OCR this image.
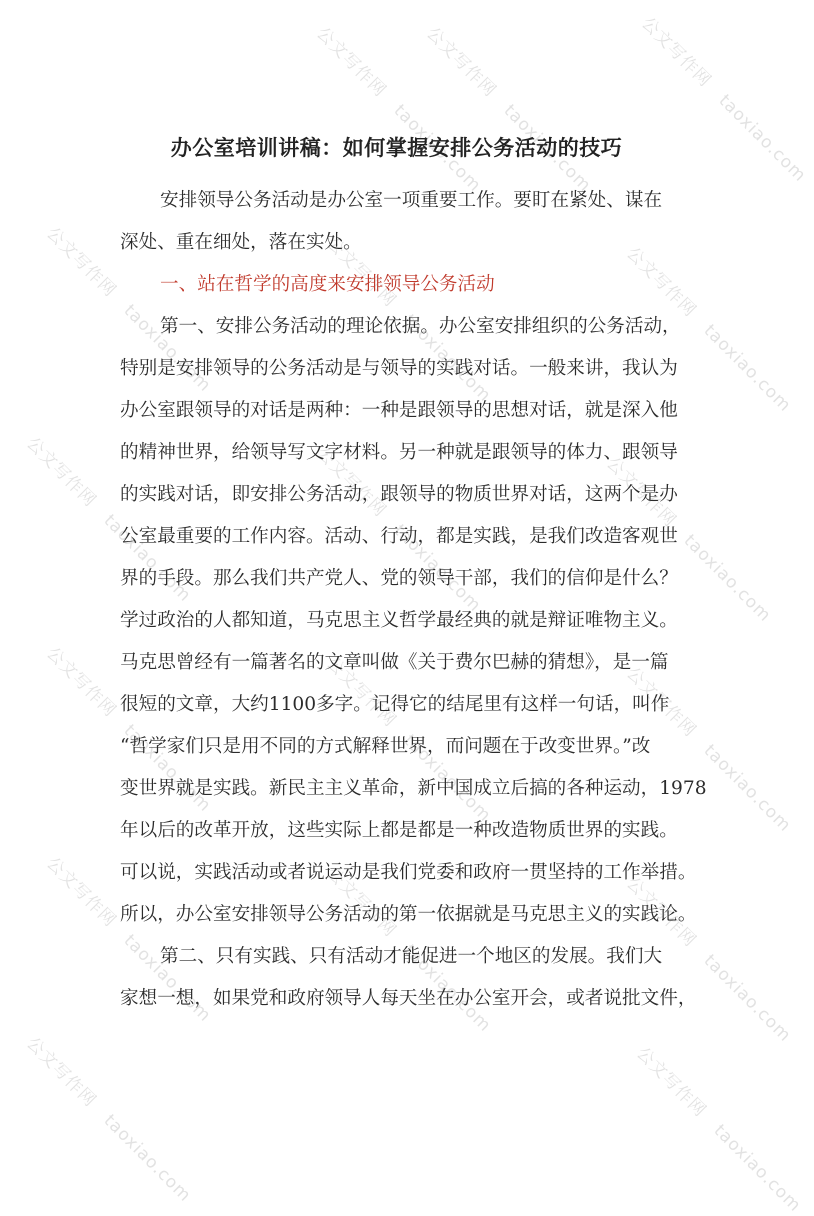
公文写作网   taoxiao.com
公文写作网   taoxiao.com
公文写作网   taoxiao.com
公文写作网   taoxiao.com
公文写作网   taoxiao.com
公文写作网   taoxiao.com
公文写作网   taoxiao.com
公文写作网   taoxiao.com
公文写作网   taoxiao.com
公文写作网   taoxiao.com
公文写作网   taoxiao.com
公文写作网   taoxiao.com
公文写作网   taoxiao.com
公文写作网   taoxiao.com
公文写作网   taoxiao.com
公文写作网   taoxiao.com
公文写作网   taoxiao.com
办公室培训讲稿：如何掌握安排公务活动的技巧
安排领导公务活动是办公室一项重要工作。要盯在紧处、谋在
深处、重在细处，落在实处。
一、站在哲学的高度来安排领导公务活动
第一、安排公务活动的理论依据。办公室安排组织的公务活动，
特别是安排领导的公务活动是与领导的实践对话。一般来讲，我认为
办公室跟领导的对话是两种：一种是跟领导的思想对话，就是深入他
的精神世界，给领导写文字材料。另一种就是跟领导的体力、跟领导
的实践对话，即安排公务活动，跟领导的物质世界对话，这两个是办
公室最重要的工作内容。活动、行动，都是实践，是我们改造客观世
界的手段。那么我们共产党人、党的领导干部，我们的信仰是什么？
学过政治的人都知道，马克思主义哲学最经典的就是辩证唯物主义。
马克思曾经有一篇著名的文章叫做《关于费尔巴赫的猜想》，是一篇
很短的文章，大约1100多字。记得它的结尾里有这样一句话，叫作
“哲学家们只是用不同的方式解释世界，而问题在于改变世界。”改
变世界就是实践。新民主主义革命，新中国成立后搞的各种运动，1978
年以后的改革开放，这些实际上都是都是一种改造物质世界的实践。
可以说，实践活动或者说运动是我们党委和政府一贯坚持的工作举措。
所以，办公室安排领导公务活动的第一依据就是马克思主义的实践论。
第二、只有实践、只有活动才能促进一个地区的发展。我们大
家想一想，如果党和政府领导人每天坐在办公室开会，或者说批文件，
